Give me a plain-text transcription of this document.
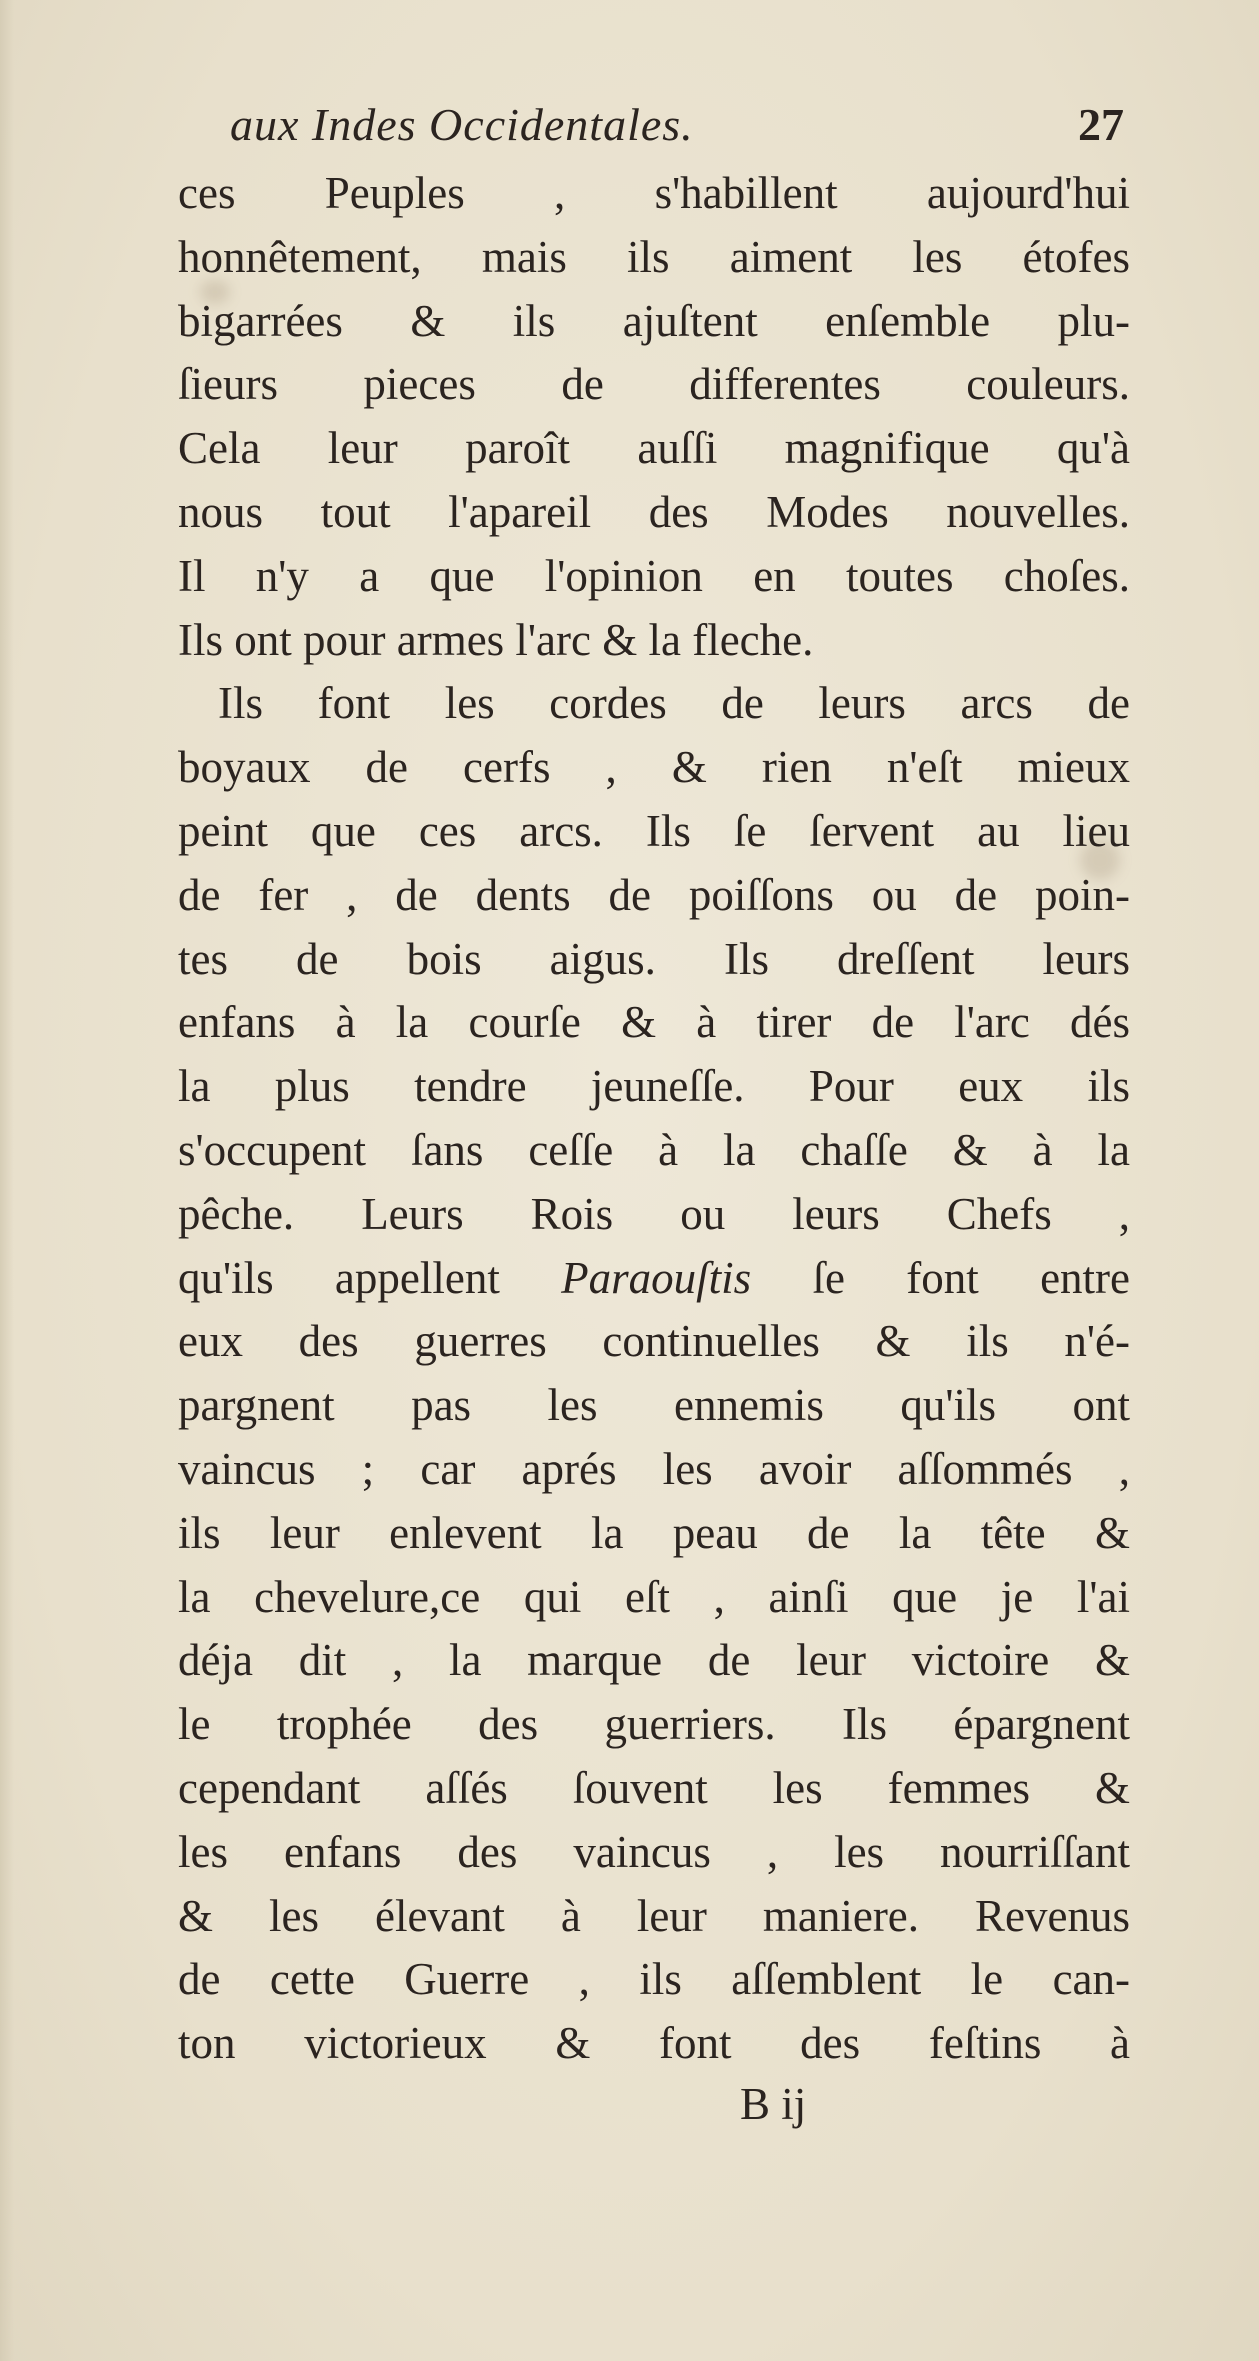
aux Indes Occidentales.	27
ces Peuples , s'habillent aujourd'hui
honnêtement, mais ils aiment les étofes
bigarrées & ils ajuſtent enſemble plu-
ſieurs pieces de differentes couleurs.
Cela leur paroît auſſi magnifique qu'à
nous tout l'apareil des Modes nouvelles.
Il n'y a que l'opinion en toutes choſes.
Ils ont pour armes l'arc & la fleche.
Ils font les cordes de leurs arcs de
boyaux de cerfs , & rien n'eſt mieux
peint que ces arcs. Ils ſe ſervent au lieu
de fer , de dents de poiſſons ou de poin-
tes de bois aigus. Ils dreſſent leurs
enfans à la courſe & à tirer de l'arc dés
la plus tendre jeuneſſe. Pour eux ils
s'occupent ſans ceſſe à la chaſſe & à la
pêche. Leurs Rois ou leurs Chefs ,
qu'ils appellent Paraouſtis ſe font entre
eux des guerres continuelles & ils n'é-
pargnent pas les ennemis qu'ils ont
vaincus ; car aprés les avoir aſſommés ,
ils leur enlevent la peau de la tête &
la chevelure,ce qui eſt , ainſi que je l'ai
déja dit , la marque de leur victoire &
le trophée des guerriers. Ils épargnent
cependant aſſés ſouvent les femmes &
les enfans des vaincus , les nourriſſant
& les élevant à leur maniere. Revenus
de cette Guerre , ils aſſemblent le can-
ton victorieux & font des feſtins à
B ij
